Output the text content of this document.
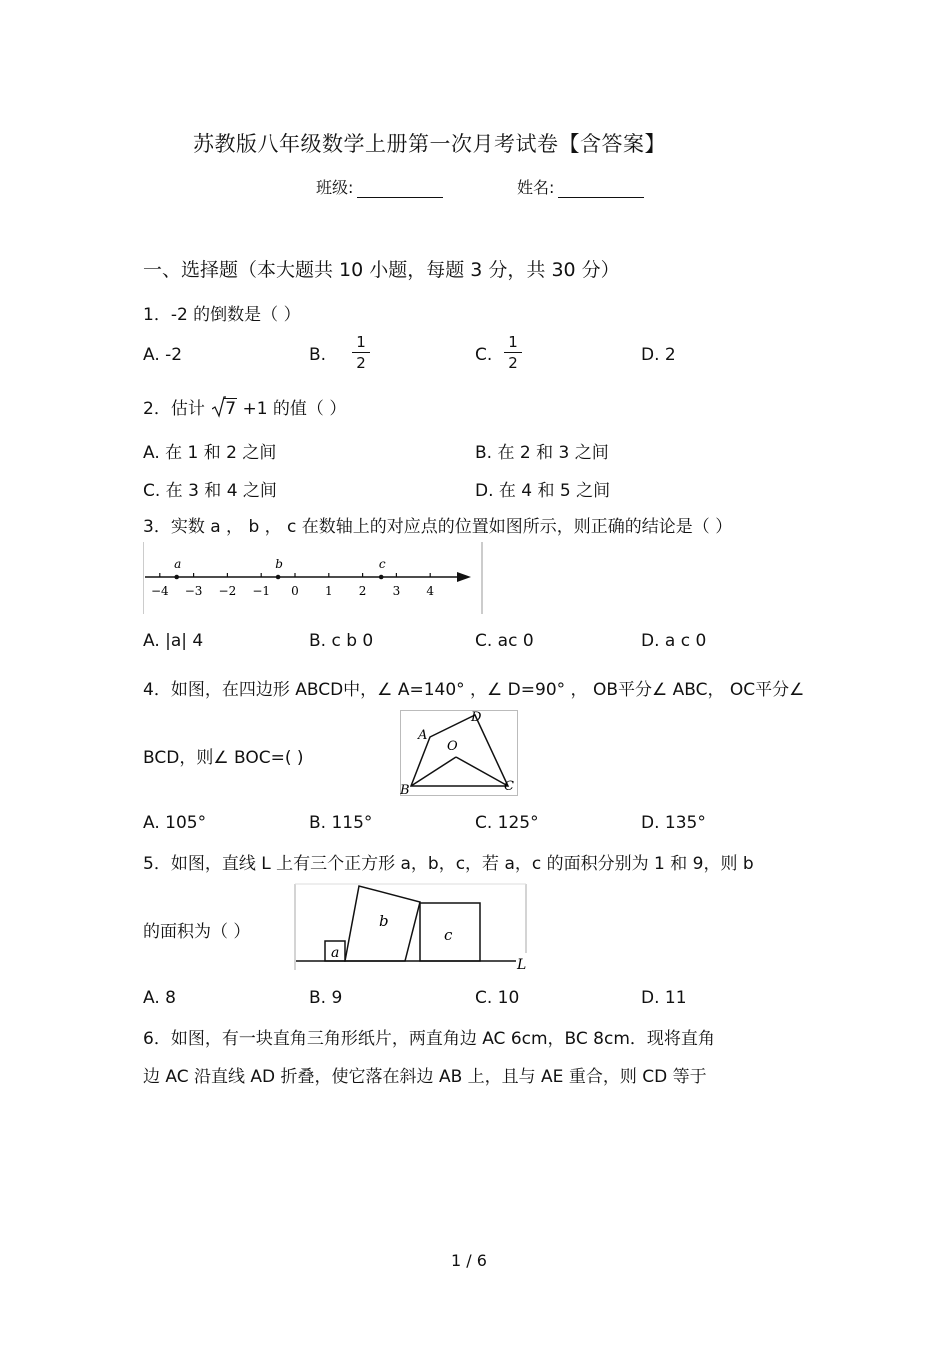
苏教版八年级数学上册第一次月考试卷【含答案】
班级:	姓名:
一、选择题（本大题共 10 小题，每题 3 分，共 30 分）
1．-2 的倒数是（ ）
A. -2	B.
1
2	C.
1
2	D. 2
2．估计 7 +1 的值（ ）
A. 在 1 和 2 之间	B. 在 2 和 3 之间
C. 在 3 和 4 之间	D. 在 4 和 5 之间
3．实数 a ， b ， c 在数轴上的对应点的位置如图所示，则正确的结论是（ ）
−4 −3 −2 −1 0 1 2 3 4
a	b	c
A. |a| 4	B. c b 0	C. ac 0	D. a c 0
4．如图，在四边形 ABCD中，∠ A=140° ，∠ D=90° ， OB平分∠ ABC， OC平分∠
BCD，则∠ BOC=( )
A
D
O
B	C
A. 105°	B. 115°	C. 125°	D. 135°
5．如图，直线 L 上有三个正方形 a，b，c，若 a，c 的面积分别为 1 和 9，则 b
的面积为（ ）
a
b
c
L
A. 8	B. 9	C. 10	D. 11
6．如图，有一块直角三角形纸片，两直角边 AC 6cm，BC 8cm．现将直角
边 AC 沿直线 AD 折叠，使它落在斜边 AB 上，且与 AE 重合，则 CD 等于
1 / 6
